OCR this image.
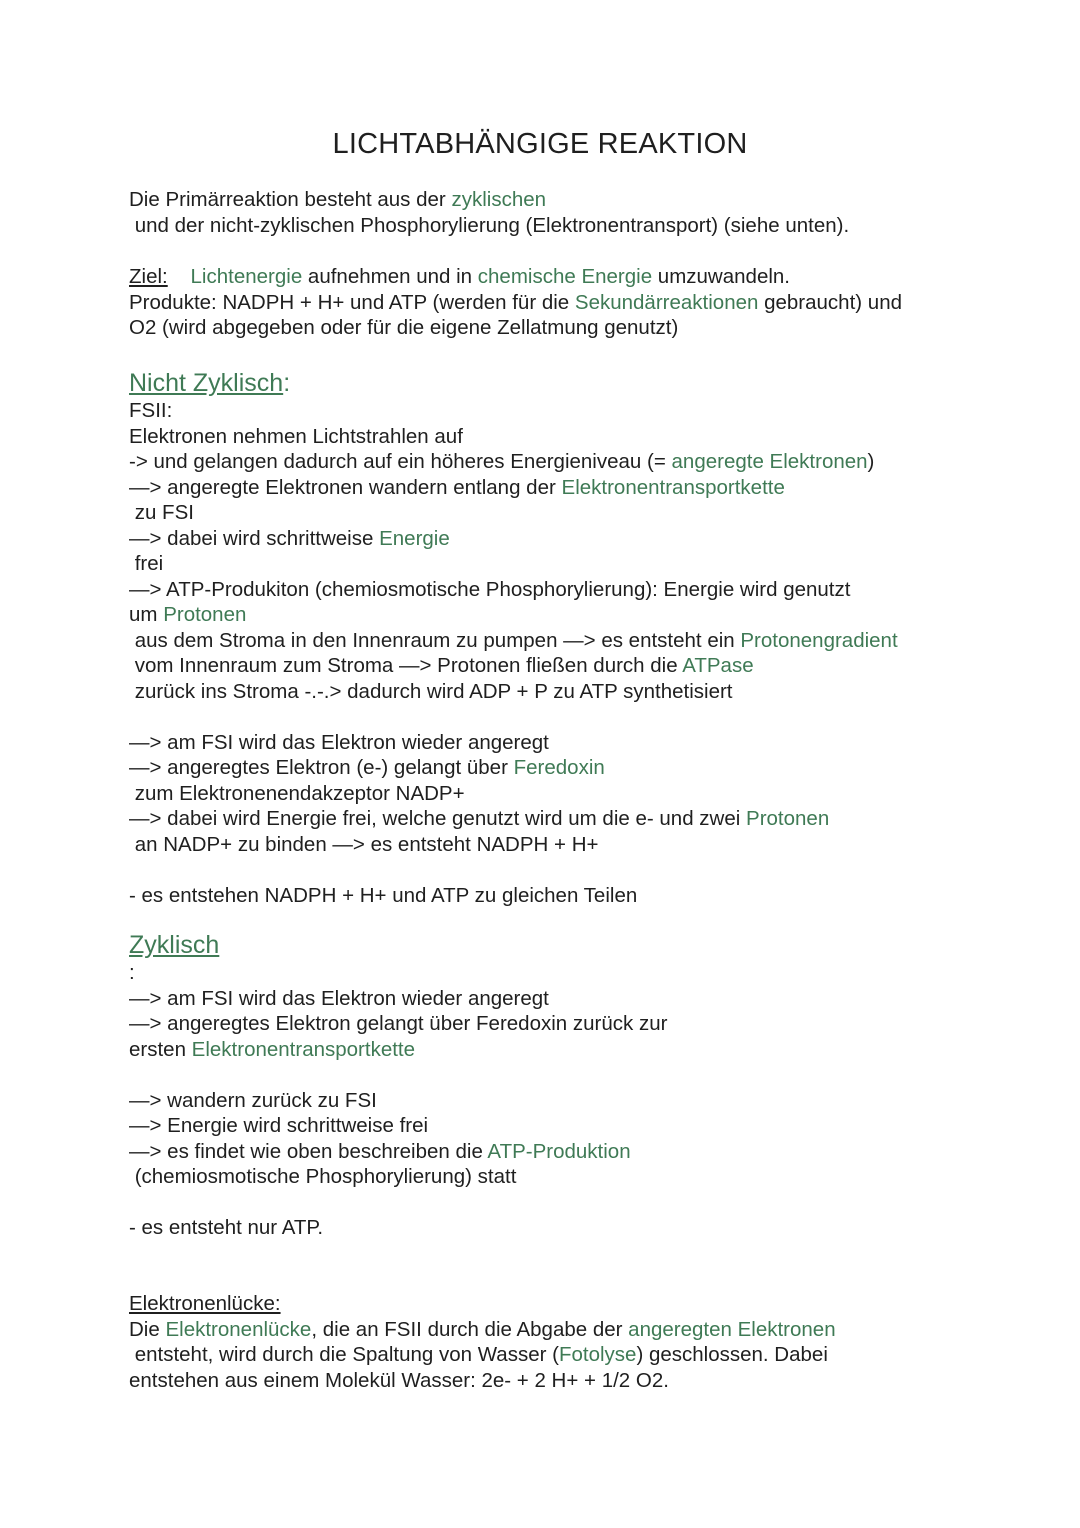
LICHTABHÄNGIGE REAKTION
Die Primärreaktion besteht aus der zyklischen
und der nicht-zyklischen Phosphorylierung (Elektronentransport) (siehe unten).
Ziel: Lichtenergie aufnehmen und in chemische Energie umzuwandeln.
Produkte: NADPH + H+ und ATP (werden für die Sekundärreaktionen gebraucht) und
O2 (wird abgegeben oder für die eigene Zellatmung genutzt)
Nicht Zyklisch:
FSII:
Elektronen nehmen Lichtstrahlen auf
-> und gelangen dadurch auf ein höheres Energieniveau (= angeregte Elektronen)
—> angeregte Elektronen wandern entlang der Elektronentransportkette
zu FSI
—> dabei wird schrittweise Energie
frei
—> ATP-Produkiton (chemiosmotische Phosphorylierung): Energie wird genutzt
um Protonen
aus dem Stroma in den Innenraum zu pumpen —> es entsteht ein Protonengradient
vom Innenraum zum Stroma —> Protonen fließen durch die ATPase
zurück ins Stroma -.-.> dadurch wird ADP + P zu ATP synthetisiert

—> am FSI wird das Elektron wieder angeregt
—> angeregtes Elektron (e-) gelangt über Feredoxin
zum Elektronenendakzeptor NADP+
—> dabei wird Energie frei, welche genutzt wird um die e- und zwei Protonen
an NADP+ zu binden —> es entsteht NADPH + H+

- es entstehen NADPH + H+ und ATP zu gleichen Teilen
Zyklisch
:
—> am FSI wird das Elektron wieder angeregt
—> angeregtes Elektron gelangt über Feredoxin zurück zur
ersten Elektronentransportkette

—> wandern zurück zu FSI
—> Energie wird schrittweise frei
—> es findet wie oben beschreiben die ATP-Produktion
(chemiosmotische Phosphorylierung) statt

- es entsteht nur ATP.
Elektronenlücke:
Die Elektronenlücke, die an FSII durch die Abgabe der angeregten Elektronen
entsteht, wird durch die Spaltung von Wasser (Fotolyse) geschlossen. Dabei
entstehen aus einem Molekül Wasser: 2e- + 2 H+ + 1/2 O2.
